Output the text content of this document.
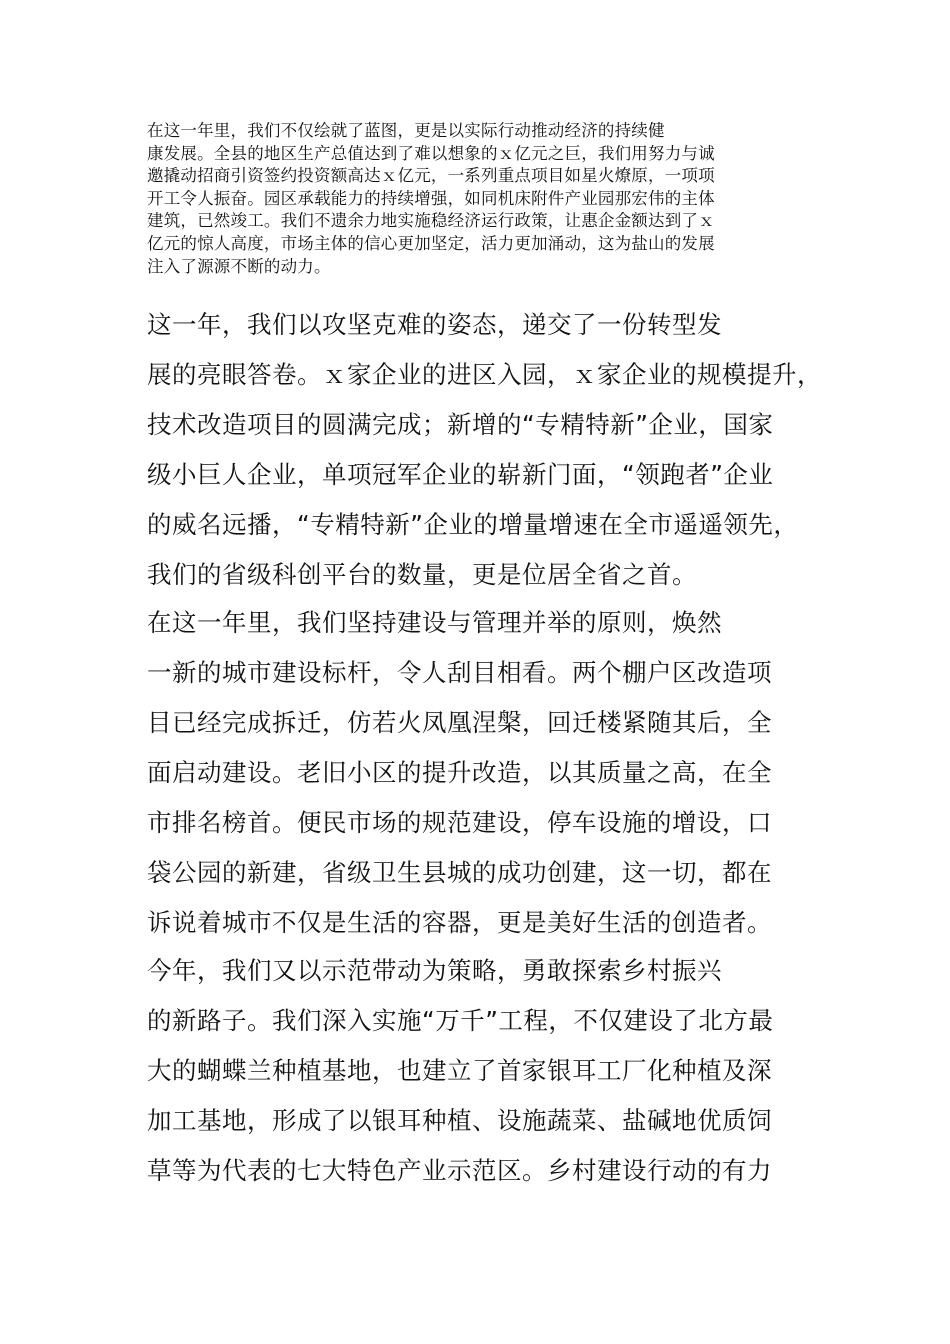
在这一年里，我们不仅绘就了蓝图，更是以实际行动推动经济的持续健
康发展。全县的地区生产总值达到了难以想象的ｘ亿元之巨，我们用努力与诚
邀撬动招商引资签约投资额高达ｘ亿元，一系列重点项目如星火燎原，一项项
开工令人振奋。园区承载能力的持续增强，如同机床附件产业园那宏伟的主体
建筑，已然竣工。我们不遗余力地实施稳经济运行政策，让惠企金额达到了ｘ
亿元的惊人高度，市场主体的信心更加坚定，活力更加涌动，这为盐山的发展
注入了源源不断的动力。

这一年，我们以攻坚克难的姿态，递交了一份转型发
展的亮眼答卷。ｘ家企业的进区入园，ｘ家企业的规模提升，
技术改造项目的圆满完成；新增的“专精特新”企业，国家
级小巨人企业，单项冠军企业的崭新门面，“领跑者”企业
的威名远播，“专精特新”企业的增量增速在全市遥遥领先，
我们的省级科创平台的数量，更是位居全省之首。

在这一年里，我们坚持建设与管理并举的原则，焕然
一新的城市建设标杆，令人刮目相看。两个棚户区改造项
目已经完成拆迁，仿若火凤凰涅槃，回迁楼紧随其后，全
面启动建设。老旧小区的提升改造，以其质量之高，在全
市排名榜首。便民市场的规范建设，停车设施的增设，口
袋公园的新建，省级卫生县城的成功创建，这一切，都在
诉说着城市不仅是生活的容器，更是美好生活的创造者。

今年，我们又以示范带动为策略，勇敢探索乡村振兴
的新路子。我们深入实施“万千”工程，不仅建设了北方最
大的蝴蝶兰种植基地，也建立了首家银耳工厂化种植及深
加工基地，形成了以银耳种植、设施蔬菜、盐碱地优质饲
草等为代表的七大特色产业示范区。乡村建设行动的有力
